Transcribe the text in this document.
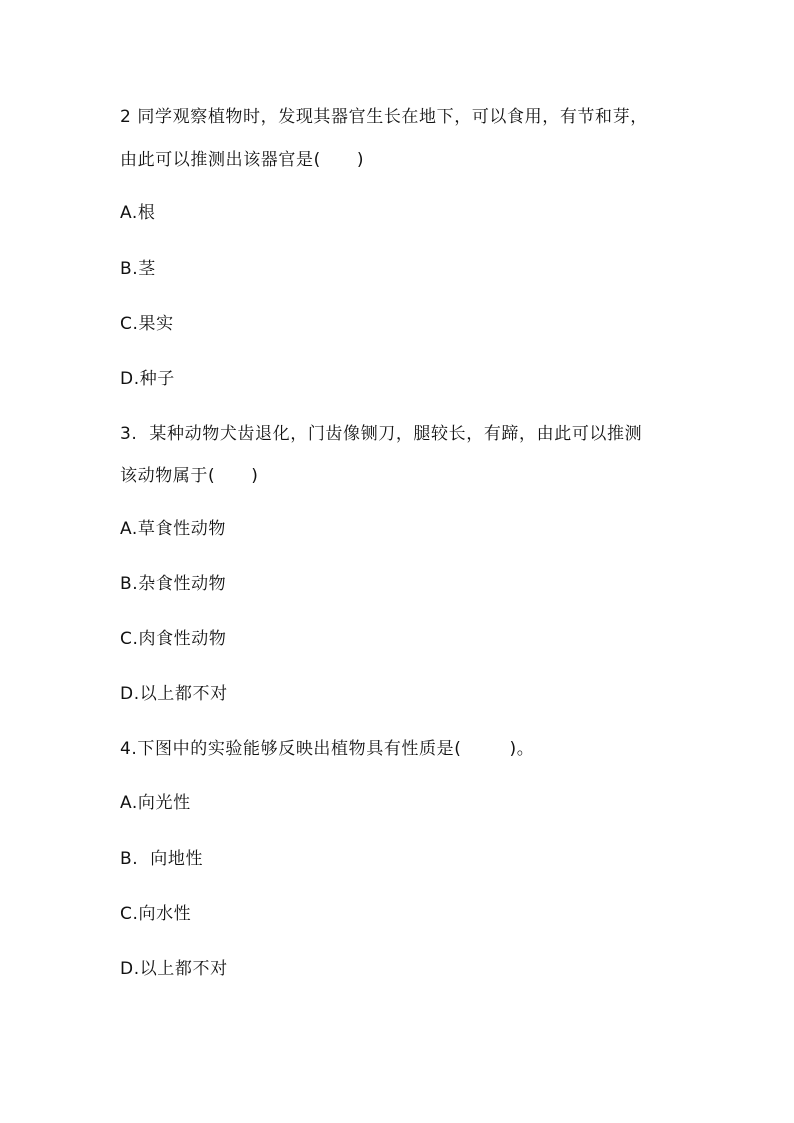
2 同学观察植物时，发现其器官生长在地下，可以食用，有节和芽，
由此可以推测出该器官是(      )
A.根
B.茎
C.果实
D.种子
3.  某种动物犬齿退化，门齿像铡刀，腿较长，有蹄，由此可以推测
该动物属于(      )
A.草食性动物
B.杂食性动物
C.肉食性动物
D.以上都不对
4.下图中的实验能够反映出植物具有性质是(        )。
A.向光性
B.  向地性
C.向水性
D.以上都不对
